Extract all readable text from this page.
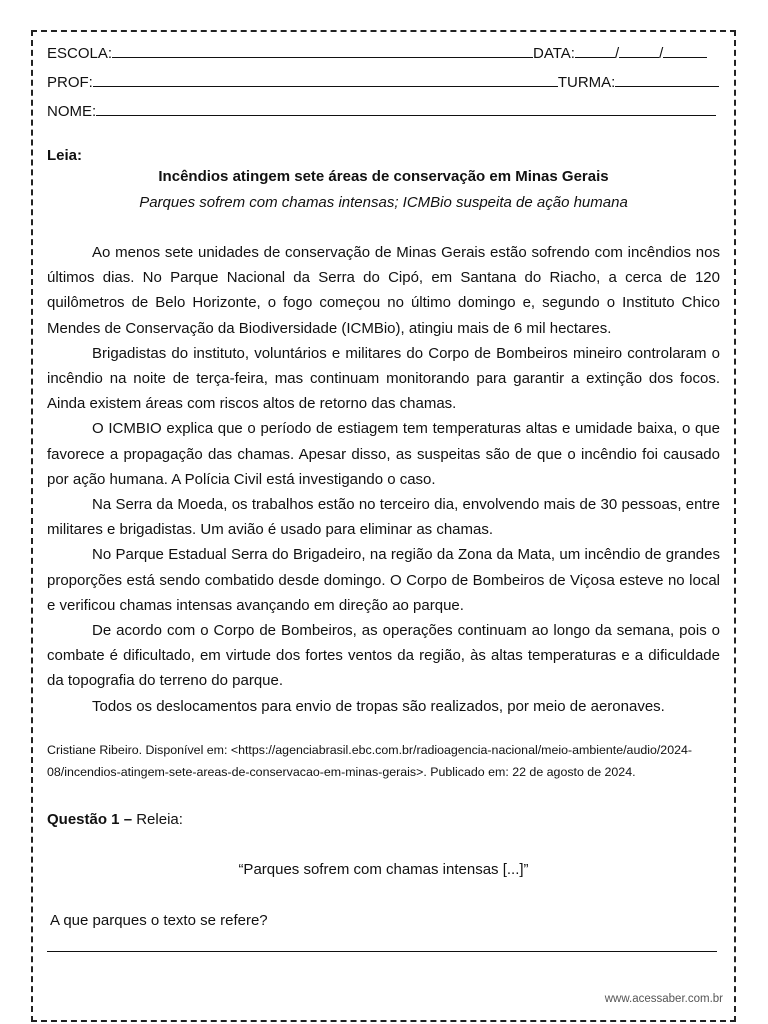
ESCOLA:	DATA:	/	/
PROF:	TURMA:
NOME:
Leia:
Incêndios atingem sete áreas de conservação em Minas Gerais
Parques sofrem com chamas intensas; ICMBio suspeita de ação humana

Ao menos sete unidades de conservação de Minas Gerais estão sofrendo com incêndios nos últimos dias. No Parque Nacional da Serra do Cipó, em Santana do Riacho, a cerca de 120 quilômetros de Belo Horizonte, o fogo começou no último domingo e, segundo o Instituto Chico Mendes de Conservação da Biodiversidade (ICMBio), atingiu mais de 6 mil hectares.

Brigadistas do instituto, voluntários e militares do Corpo de Bombeiros mineiro controlaram o incêndio na noite de terça-feira, mas continuam monitorando para garantir a extinção dos focos. Ainda existem áreas com riscos altos de retorno das chamas.

O ICMBIO explica que o período de estiagem tem temperaturas altas e umidade baixa, o que favorece a propagação das chamas. Apesar disso, as suspeitas são de que o incêndio foi causado por ação humana. A Polícia Civil está investigando o caso.

Na Serra da Moeda, os trabalhos estão no terceiro dia, envolvendo mais de 30 pessoas, entre militares e brigadistas. Um avião é usado para eliminar as chamas.

No Parque Estadual Serra do Brigadeiro, na região da Zona da Mata, um incêndio de grandes proporções está sendo combatido desde domingo. O Corpo de Bombeiros de Viçosa esteve no local e verificou chamas intensas avançando em direção ao parque.

De acordo com o Corpo de Bombeiros, as operações continuam ao longo da semana, pois o combate é dificultado, em virtude dos fortes ventos da região, às altas temperaturas e a dificuldade da topografia do terreno do parque.

Todos os deslocamentos para envio de tropas são realizados, por meio de aeronaves.

Cristiane Ribeiro. Disponível em: <https://agenciabrasil.ebc.com.br/radioagencia-nacional/meio-ambiente/audio/2024-08/incendios-atingem-sete-areas-de-conservacao-em-minas-gerais>. Publicado em: 22 de agosto de 2024.
Questão 1 – Releia:
“Parques sofrem com chamas intensas [...]”
A que parques o texto se refere?
www.acessaber.com.br
